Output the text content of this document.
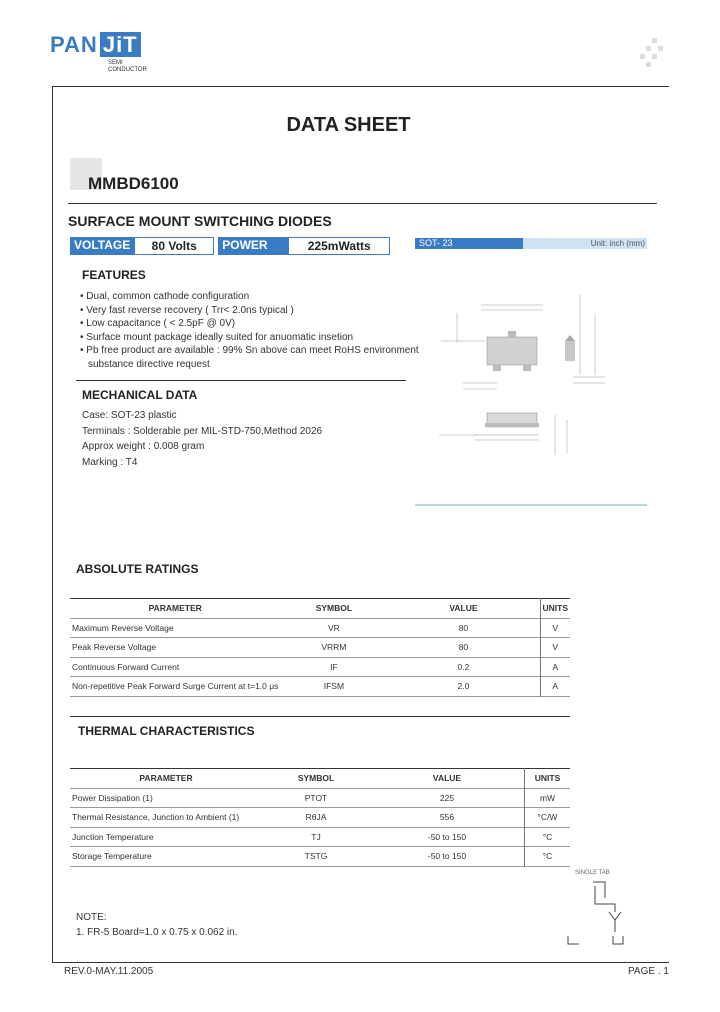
PAN JiT
SEMI
CONDUCTOR
DATA SHEET
MMBD6100
SURFACE MOUNT SWITCHING DIODES
VOLTAGE	80 Volts	POWER	225mWatts	SOT- 23	Unit: inch (mm)
FEATURES
• Dual, common cathode configuration
• Very fast reverse recovery ( Trr< 2.0ns typical )
• Low capacitance ( < 2.5pF @ 0V)
• Surface mount package ideally suited for anuomatic insetion
• Pb free product are available : 99% Sn above can meet RoHS environment
substance directive request
MECHANICAL DATA
Case: SOT-23 plastic
Terminals : Solderable per MIL-STD-750,Method 2026
Approx weight : 0.008 gram
Marking : T4
ABSOLUTE RATINGS
PARAMETER	SYMBOL	VALUE	UNITS
Maximum Reverse Voltage	VR	80	V
Peak Reverse Voltage	VRRM	80	V
Continuous Forward Current	IF	0.2	A
Non-repetitive Peak Forward Surge Current at t=1.0 μs	IFSM	2.0	A
THERMAL CHARACTERISTICS
PARAMETER	SYMBOL	VALUE	UNITS
Power Dissipation (1)	PTOT	225	mW
Thermal Resistance, Junction to Ambient (1)	RθJA	556	°C/W
Junction Temperature	TJ	-50 to 150	°C
Storage Temperature	TSTG	-50 to 150	°C
SINGLE TAB
NOTE:
1. FR-5 Board=1.0 x 0.75 x 0.062 in.
REV.0-MAY.11.2005	PAGE . 1
